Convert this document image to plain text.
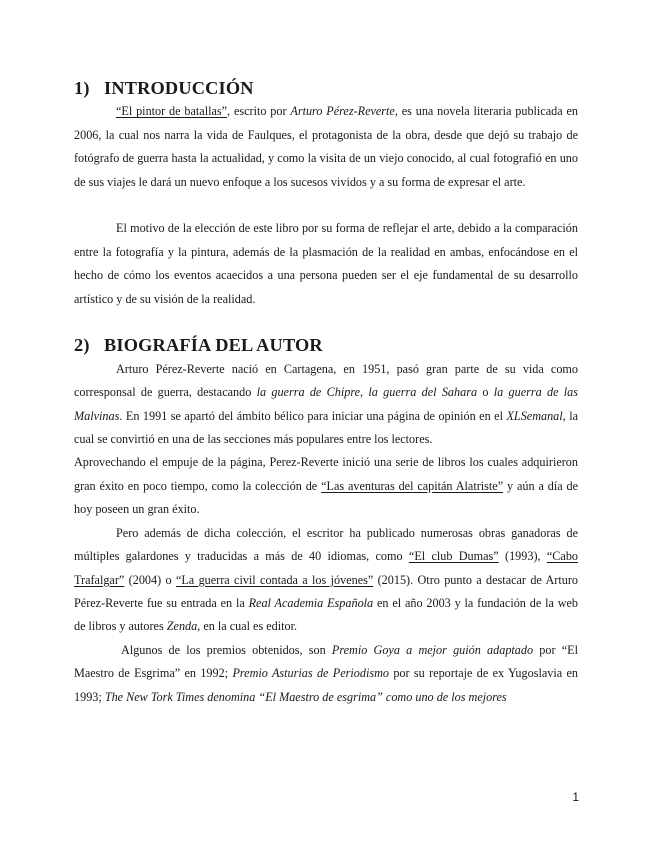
1) INTRODUCCIÓN

“El pintor de batallas”, escrito por Arturo Pérez-Reverte, es una novela literaria publicada en 2006, la cual nos narra la vida de Faulques, el protagonista de la obra, desde que dejó su trabajo de fotógrafo de guerra hasta la actualidad, y como la visita de un viejo conocido, al cual fotografió en uno de sus viajes le dará un nuevo enfoque a los sucesos vividos y a su forma de expresar el arte.

El motivo de la elección de este libro por su forma de reflejar el arte, debido a la comparación entre la fotografía y la pintura, además de la plasmación de la realidad en ambas, enfocándose en el hecho de cómo los eventos acaecidos a una persona pueden ser el eje fundamental de su desarrollo artístico y de su visión de la realidad.

2) BIOGRAFÍA DEL AUTOR

Arturo Pérez-Reverte nació en Cartagena, en 1951, pasó gran parte de su vida como corresponsal de guerra, destacando la guerra de Chipre, la guerra del Sahara o la guerra de las Malvinas. En 1991 se apartó del ámbito bélico para iniciar una página de opinión en el XLSemanal, la cual se convirtió en una de las secciones más populares entre los lectores.

Aprovechando el empuje de la página, Perez-Reverte inició una serie de libros los cuales adquirieron gran éxito en poco tiempo, como la colección de “Las aventuras del capitán Alatriste” y aún a día de hoy poseen un gran éxito.

Pero además de dicha colección, el escritor ha publicado numerosas obras ganadoras de múltiples galardones y traducidas a más de 40 idiomas, como “El club Dumas” (1993), “Cabo Trafalgar” (2004) o “La guerra civil contada a los jóvenes” (2015). Otro punto a destacar de Arturo Pérez-Reverte fue su entrada en la Real Academia Española en el año 2003 y la fundación de la web de libros y autores Zenda, en la cual es editor.

Algunos de los premios obtenidos, son Premio Goya a mejor guión adaptado por “El Maestro de Esgrima” en 1992; Premio Asturias de Periodismo por su reportaje de ex Yugoslavia en 1993; The New Tork Times denomina “El Maestro de esgrima” como uno de los mejores

1
